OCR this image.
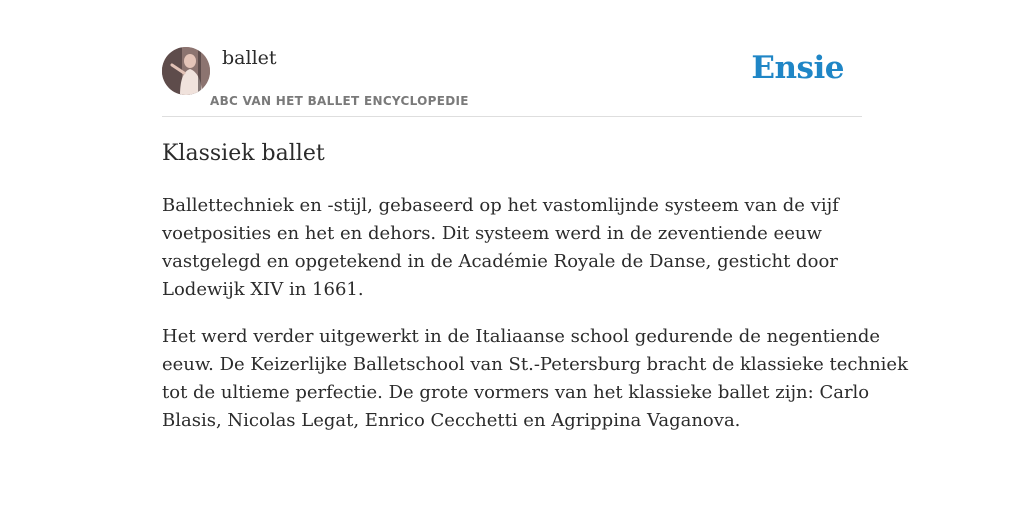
ballet
ABC VAN HET BALLET ENCYCLOPEDIE
Ensie
Klassiek ballet

Ballettechniek en -stijl, gebaseerd op het vastomlijnde systeem van de vijf
voetposities en het en dehors. Dit systeem werd in de zeventiende eeuw
vastgelegd en opgetekend in de Académie Royale de Danse, gesticht door
Lodewijk XIV in 1661.

Het werd verder uitgewerkt in de Italiaanse school gedurende de negentiende
eeuw. De Keizerlijke Balletschool van St.-Petersburg bracht de klassieke techniek
tot de ultieme perfectie. De grote vormers van het klassieke ballet zijn: Carlo
Blasis, Nicolas Legat, Enrico Cecchetti en Agrippina Vaganova.
